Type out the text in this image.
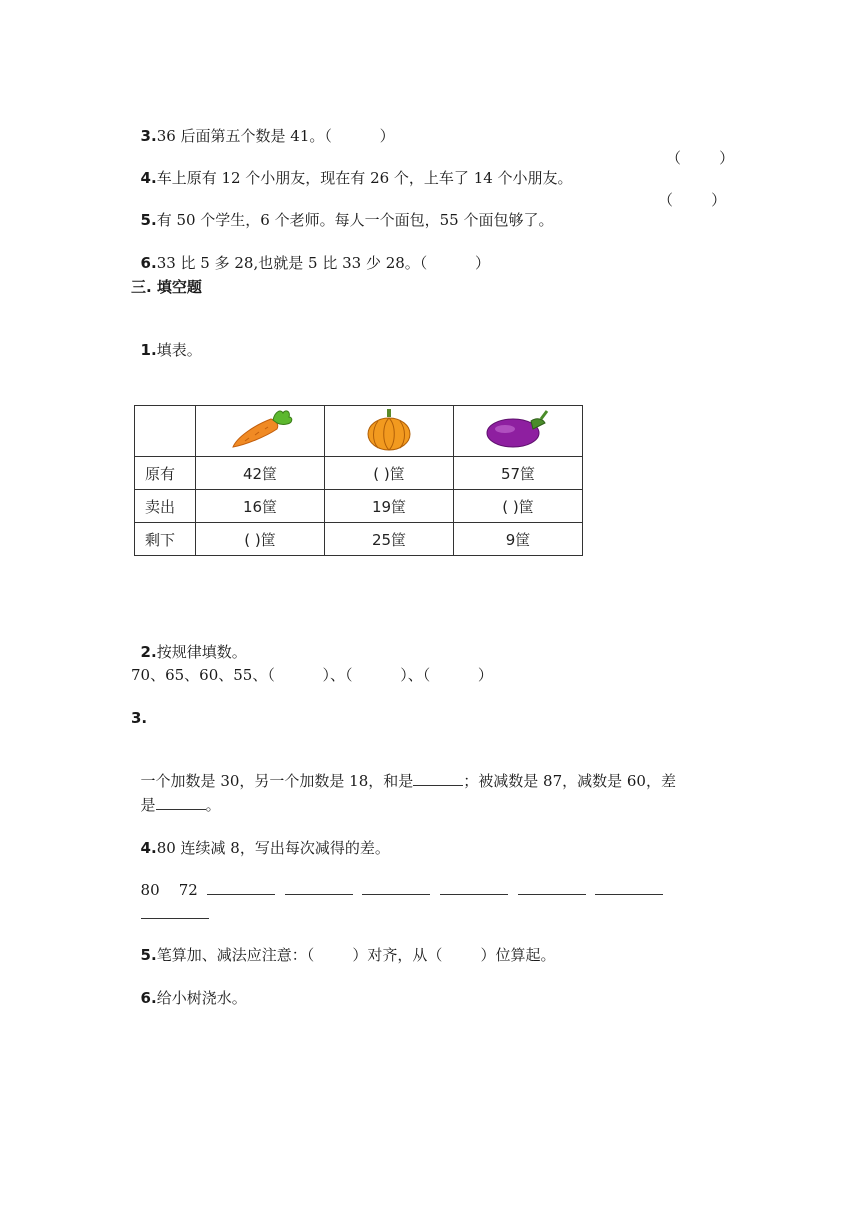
3.36 后面第五个数是 41。（          ）

4.车上原有 12 个小朋友，现在有 26 个，上车了 14 个小朋友。

（        ）

5.有 50 个学生，6 个老师。每人一个面包，55 个面包够了。

（        ）

6.33 比 5 多 28,也就是 5 比 33 少 28。（          ）

三. 填空题

1.填表。

原有	42筐	( )筐	57筐
卖出	16筐	19筐	( )筐
剩下	( )筐	25筐	9筐

2.按规律填数。

70、65、60、55、（          ）、（          ）、（          ）
3.

一个加数是 30，另一个加数是 18，和是	；被减数是 87，减数是 60，差

是	。

4.80 连续减 8，写出每次减得的差。

80 72

5.笔算加、减法应注意：（        ）对齐，从（        ）位算起。

6.给小树浇水。
